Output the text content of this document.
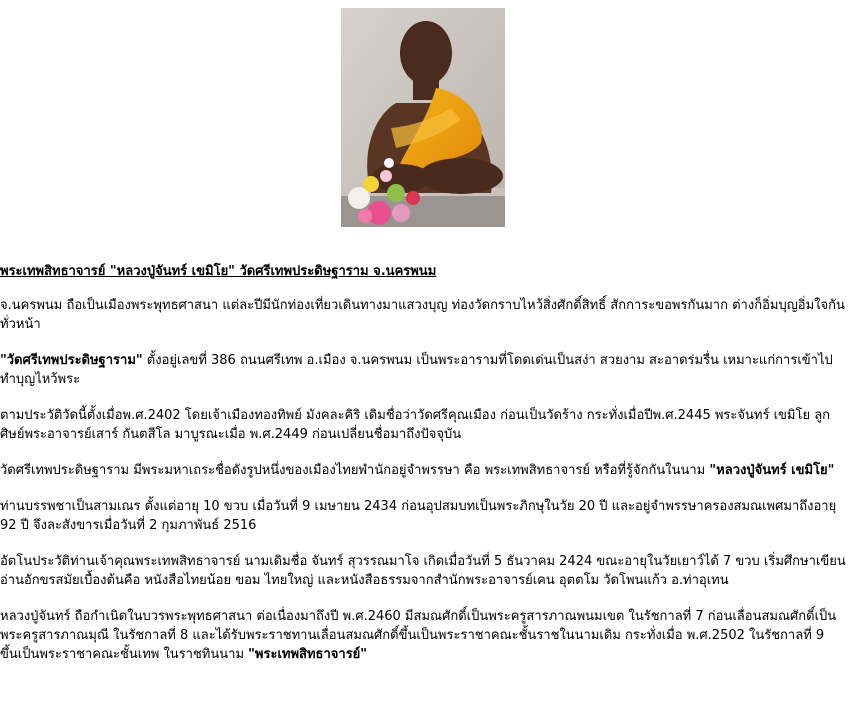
พระเทพสิทธาจารย์ "หลวงปู่จันทร์ เขมิโย" วัดศรีเทพประดิษฐาราม จ.นครพนม

จ.นครพนม ถือเป็นเมืองพระพุทธศาสนา แต่ละปีมีนักท่องเที่ยวเดินทางมาแสวงบุญ ท่องวัดกราบไหว้สิ่งศักดิ์สิทธิ์ สักการะขอพรกันมาก ต่างก็อิ่มบุญอิ่มใจกันทั่วหน้า

"วัดศรีเทพประดิษฐาราม" ตั้งอยู่เลขที่ 386 ถนนศรีเทพ อ.เมือง จ.นครพนม เป็นพระอารามที่โดดเด่นเป็นสง่า สวยงาม สะอาดร่มรื่น เหมาะแก่การเข้าไปทำบุญไหว้พระ

ตามประวัติวัดนี้ตั้งเมื่อพ.ศ.2402 โดยเจ้าเมืองทองทิพย์ มังคละคิริ เดิมชื่อว่าวัดศรีคุณเมือง ก่อนเป็นวัดร้าง กระทั่งเมื่อปีพ.ศ.2445 พระจันทร์ เขมิโย ลูกศิษย์พระอาจารย์เสาร์ กันตสีโล มาบูรณะเมื่อ พ.ศ.2449 ก่อนเปลี่ยนชื่อมาถึงปัจจุบัน

วัดศรีเทพประดิษฐาราม มีพระมหาเถระชื่อดังรูปหนึ่งของเมืองไทยพำนักอยู่จำพรรษา คือ พระเทพสิทธาจารย์ หรือที่รู้จักกันในนาม "หลวงปู่จันทร์ เขมิโย"

ท่านบรรพชาเป็นสามเณร ตั้งแต่อายุ 10 ขวบ เมื่อวันที่ 9 เมษายน 2434 ก่อนอุปสมบทเป็นพระภิกษุในวัย 20 ปี และอยู่จำพรรษาครองสมณเพศมาถึงอายุ 92 ปี จึงละสังขารเมื่อวันที่ 2 กุมภาพันธ์ 2516

อัตโนประวัติท่านเจ้าคุณพระเทพสิทธาจารย์ นามเดิมชื่อ จันทร์ สุวรรณมาโจ เกิดเมื่อวันที่ 5 ธันวาคม 2424 ขณะอายุในวัยเยาว์ได้ 7 ขวบ เริ่มศึกษาเขียนอ่านอักขรสมัยเบื้องต้นคือ หนังสือไทยน้อย ขอม ไทยใหญ่ และหนังสือธรรมจากสำนักพระอาจารย์เคน อุตตโม วัดโพนแก้ว อ.ท่าอุเทน

หลวงปู่จันทร์ ถือกำเนิดในบวรพระพุทธศาสนา ต่อเนื่องมาถึงปี พ.ศ.2460 มีสมณศักดิ์เป็นพระครูสารภาณพนมเขต ในรัชกาลที่ 7 ก่อนเลื่อนสมณศักดิ์เป็นพระครูสารภาณมุณี ในรัชกาลที่ 8 และได้รับพระราชทานเลื่อนสมณศักดิ์ขึ้นเป็นพระราชาคณะชั้นราชในนามเดิม กระทั่งเมื่อ พ.ศ.2502 ในรัชกาลที่ 9 ขึ้นเป็นพระราชาคณะชั้นเทพ ในราชทินนาม "พระเทพสิทธาจารย์"
